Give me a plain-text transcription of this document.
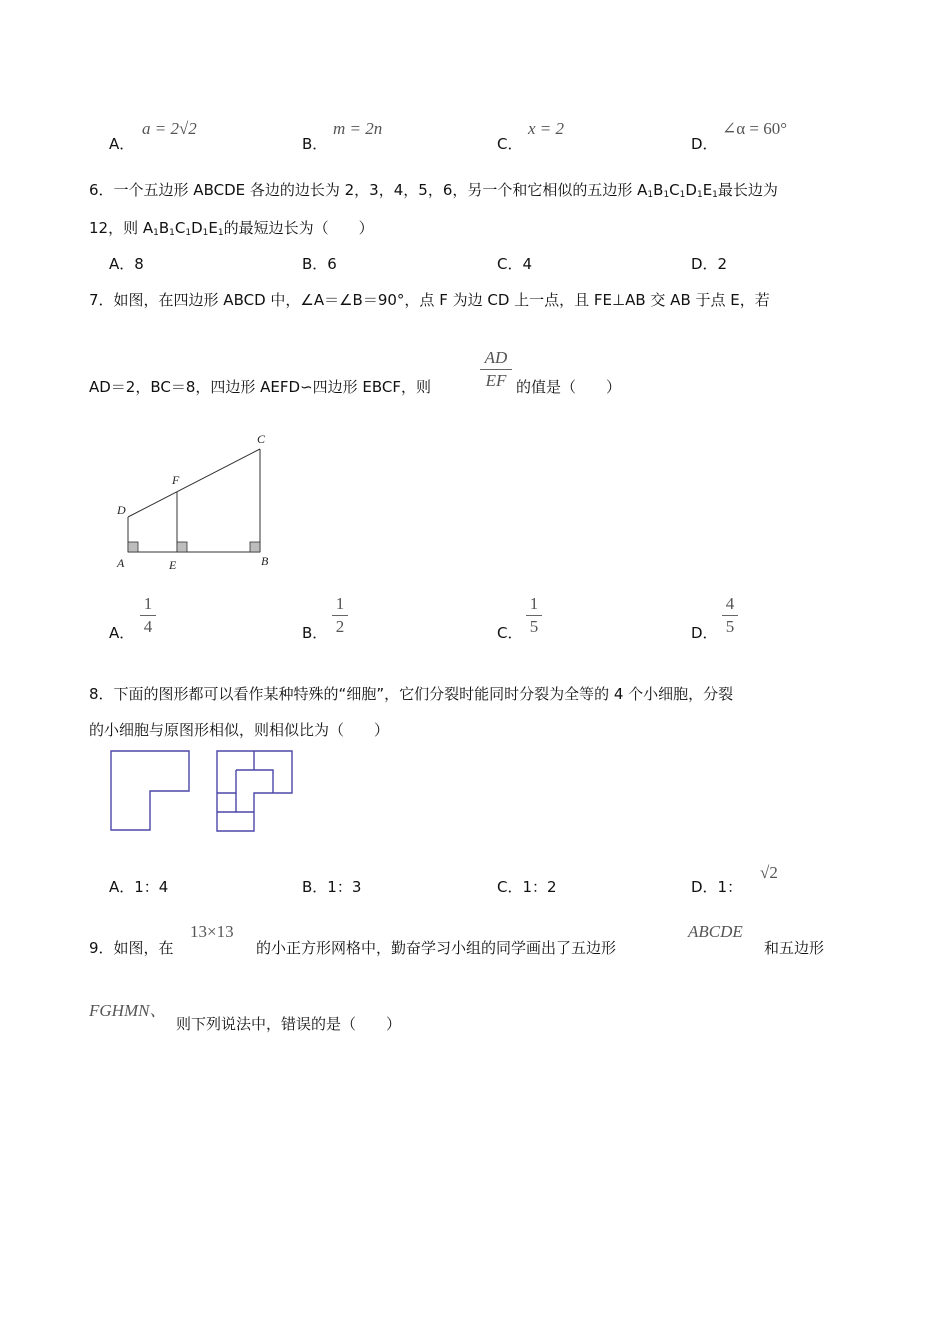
A．
a = 2√2
B．
m = 2n
C．
x = 2
D．
∠α = 60°
6．一个五边形 ABCDE 各边的边长为 2，3，4，5，6，另一个和它相似的五边形 $A_1B_1C_1D_1E_1$最长边为
12，则 $A_1B_1C_1D_1E_1$的最短边长为（　　）
A．8	B．6	C．4	D．2
7．如图，在四边形 ABCD 中，∠A＝∠B＝90°，点 F 为边 CD 上一点，且 FE⊥AB 交 AB 于点 E，若
AD＝2，BC＝8，四边形 AEFD∽四边形 EBCF，则
AD
EF 的值是（　　）
C
F
D
A	E	B
A．
1
4	B．
1
2	C．
1
5	D．
4
5
8．下面的图形都可以看作某种特殊的“细胞”，它们分裂时能同时分裂为全等的 4 个小细胞，分裂
的小细胞与原图形相似，则相似比为（　　）
A．1：4	B．1：3	C．1：2	D．1：
√2
9．如图，在
13×13
的小正方形网格中，勤奋学习小组的同学画出了五边形
ABCDE
和五边形
FGHMN、
则下列说法中，错误的是（　　）
